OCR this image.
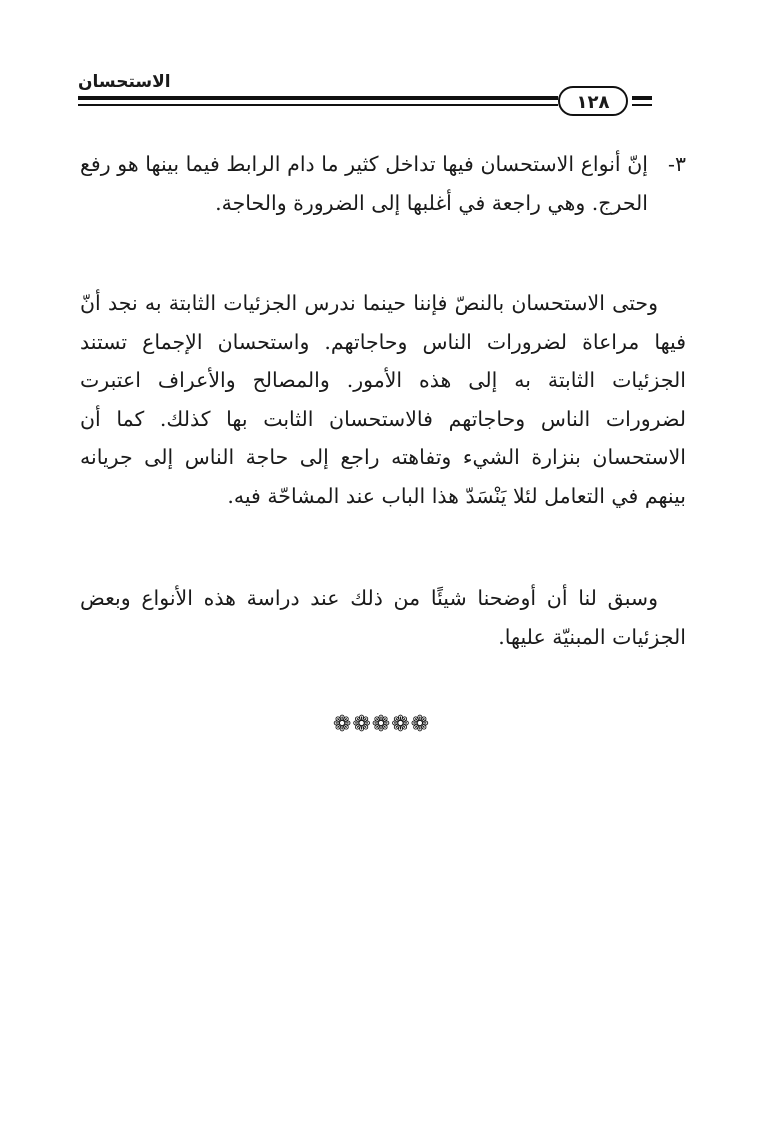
الاستحسان
١٢٨
٣-
إنّ أنواع الاستحسان فيها تداخل كثير ما دام الرابط فيما بينها هو رفع الحرج. وهي راجعة في أغلبها إلى الضرورة والحاجة.
وحتى الاستحسان بالنصّ فإننا حينما ندرس الجزئيات الثابتة به نجد أنّ فيها مراعاة لضرورات الناس وحاجاتهم. واستحسان الإجماع تستند الجزئيات الثابتة به إلى هذه الأمور. والمصالح والأعراف اعتبرت لضرورات الناس وحاجاتهم فالاستحسان الثابت بها كذلك. كما أن الاستحسان بنزارة الشيء وتفاهته راجع إلى حاجة الناس إلى جريانه بينهم في التعامل لئلا يَنْسَدّ هذا الباب عند المشاحّة فيه.
وسبق لنا أن أوضحنا شيئًا من ذلك عند دراسة هذه الأنواع وبعض الجزئيات المبنيّة عليها.
❁❁❁❁❁
